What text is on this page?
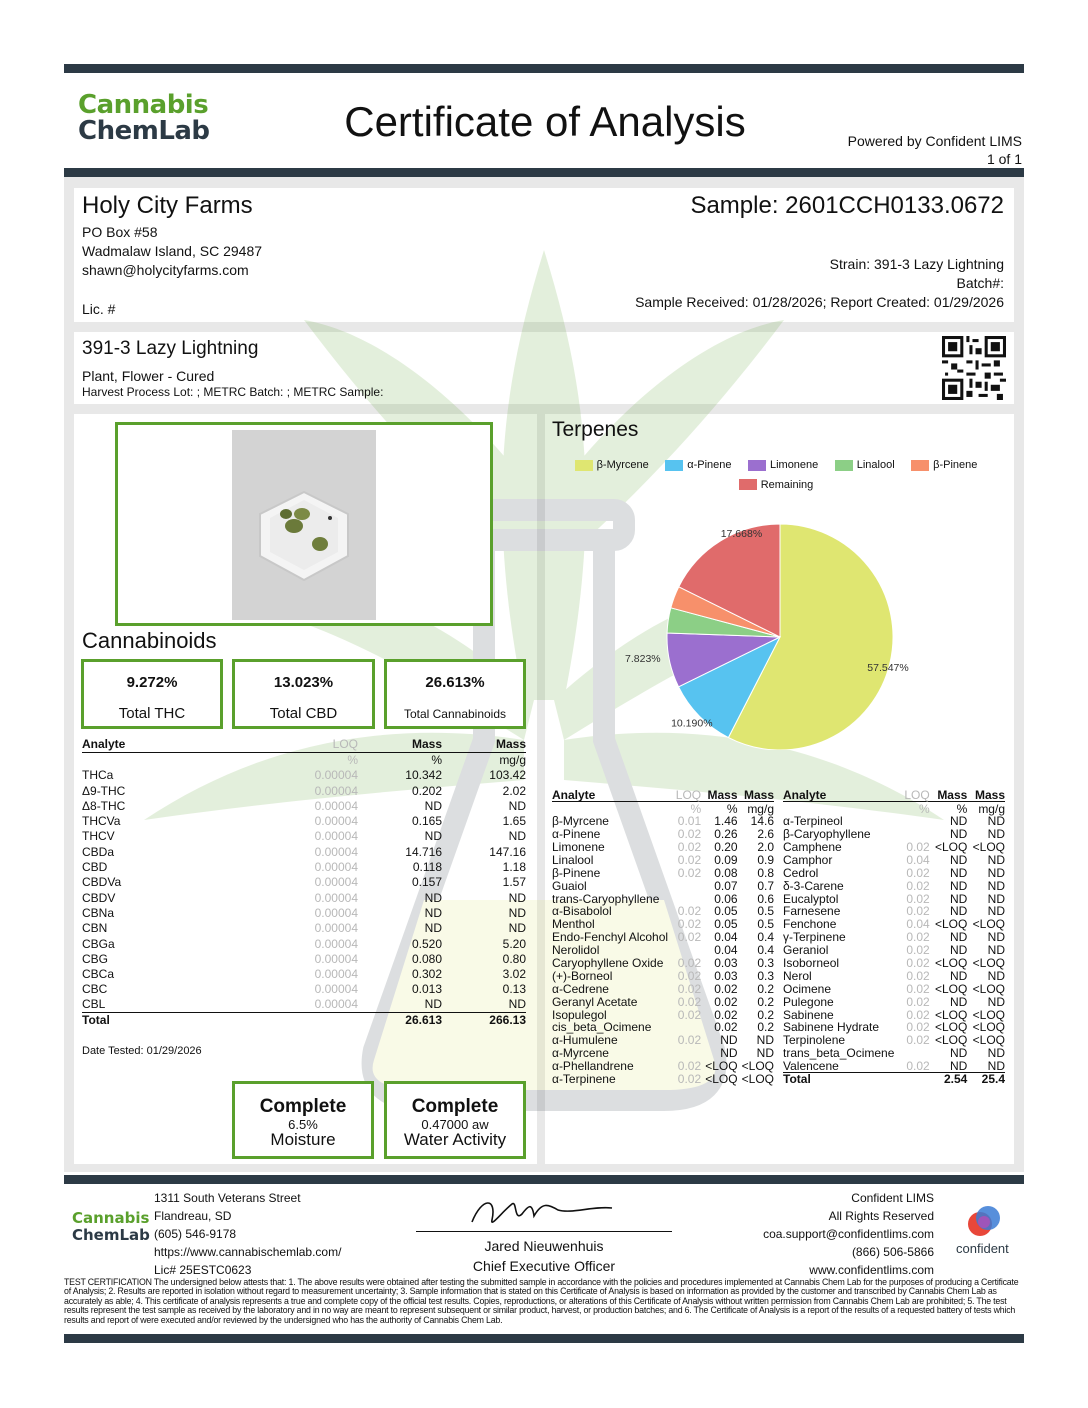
Cannabis
ChemLab	Certificate of Analysis	Powered by Confident LIMS
1 of 1
Holy City Farms
PO Box #58
Wadmalaw Island, SC 29487
shawn@holycityfarms.com
Lic. #
Sample: 2601CCH0133.0672
Strain: 391-3 Lazy Lightning
Batch#:
Sample Received: 01/28/2026; Report Created: 01/29/2026
391-3 Lazy Lightning
Plant, Flower - Cured
Harvest Process Lot: ; METRC Batch: ; METRC Sample:
Cannabinoids
9.272%
Total THC
13.023%
Total CBD
26.613%
Total Cannabinoids
Analyte	LOQ	Mass	Mass
	%	%	mg/g
THCa	0.00004	10.342	103.42
Δ9-THC	0.00004	0.202	2.02
Δ8-THC	0.00004	ND	ND
THCVa	0.00004	0.165	1.65
THCV	0.00004	ND	ND
CBDa	0.00004	14.716	147.16
CBD	0.00004	0.118	1.18
CBDVa	0.00004	0.157	1.57
CBDV	0.00004	ND	ND
CBNa	0.00004	ND	ND
CBN	0.00004	ND	ND
CBGa	0.00004	0.520	5.20
CBG	0.00004	0.080	0.80
CBCa	0.00004	0.302	3.02
CBC	0.00004	0.013	0.13
CBL	0.00004	ND	ND
Total		26.613	266.13
Date Tested: 01/29/2026
Complete
6.5%
Moisture
Complete
0.47000 aw
Water Activity
Terpenes
β-Myrcene
	α-Pinene
	Limonene
	Linalool
	β-Pinene

Remaining
57.547%
10.190%
7.823%
17.668%
Analyte	LOQ	Mass	Mass
	%	%	mg/g
β-Myrcene	0.01	1.46	14.6
α-Pinene	0.02	0.26	2.6
Limonene	0.02	0.20	2.0
Linalool	0.02	0.09	0.9
β-Pinene	0.02	0.08	0.8
Guaiol		0.07	0.7
trans-Caryophyllene		0.06	0.6
α-Bisabolol	0.02	0.05	0.5
Menthol	0.02	0.05	0.5
Endo-Fenchyl Alcohol	0.02	0.04	0.4
Nerolidol		0.04	0.4
Caryophyllene Oxide	0.02	0.03	0.3
(+)-Borneol	0.02	0.03	0.3
α-Cedrene	0.02	0.02	0.2
Geranyl Acetate	0.02	0.02	0.2
Isopulegol	0.02	0.02	0.2
cis_beta_Ocimene		0.02	0.2
α-Humulene	0.02	ND	ND
α-Myrcene		ND	ND
α-Phellandrene	0.02	<LOQ	<LOQ
α-Terpinene	0.02	<LOQ	<LOQ
Analyte	LOQ	Mass	Mass
	%	%	mg/g
α-Terpineol		ND	ND
β-Caryophyllene		ND	ND
Camphene	0.02	<LOQ	<LOQ
Camphor	0.04	ND	ND
Cedrol	0.02	ND	ND
δ-3-Carene	0.02	ND	ND
Eucalyptol	0.02	ND	ND
Farnesene	0.02	ND	ND
Fenchone	0.04	<LOQ	<LOQ
γ-Terpinene	0.02	ND	ND
Geraniol	0.02	ND	ND
Isoborneol	0.02	<LOQ	<LOQ
Nerol	0.02	ND	ND
Ocimene	0.02	<LOQ	<LOQ
Pulegone	0.02	ND	ND
Sabinene	0.02	<LOQ	<LOQ
Sabinene Hydrate	0.02	<LOQ	<LOQ
Terpinolene	0.02	<LOQ	<LOQ
trans_beta_Ocimene		ND	ND
Valencene	0.02	ND	ND
Total		2.54	25.4
Cannabis
ChemLab
1311 South Veterans Street
Flandreau, SD
(605) 546-9178
https://www.cannabischemlab.com/
Lic# 25ESTC0623
Jared Nieuwenhuis
Chief Executive Officer
Confident LIMS
All Rights Reserved
coa.support@confidentlims.com
(866) 506-5866
www.confidentlims.com
confident
TEST CERTIFICATION The undersigned below attests that: 1. The above results were obtained after testing the submitted sample in accordance with the policies and procedures implemented at Cannabis Chem Lab for the purposes of producing a Certificate of Analysis; 2. Results are reported in isolation without regard to measurement uncertainty; 3. Sample information that is stated on this Certificate of Analysis is based on information as provided by the customer and transcribed by Cannabis Chem Lab as accurately as able; 4. This certificate of analysis represents a true and complete copy of the official test results. Copies, reproductions, or alterations of this Certificate of Analysis without written permission from Cannabis Chem Lab are prohibited; 5. The test results represent the test sample as received by the laboratory and in no way are meant to represent subsequent or similar product, harvest, or production batches; and 6. The Certificate of Analysis is a report of the results of a requested battery of tests which results and report of were executed and/or reviewed by the undersigned who has the authority of Cannabis Chem Lab.
